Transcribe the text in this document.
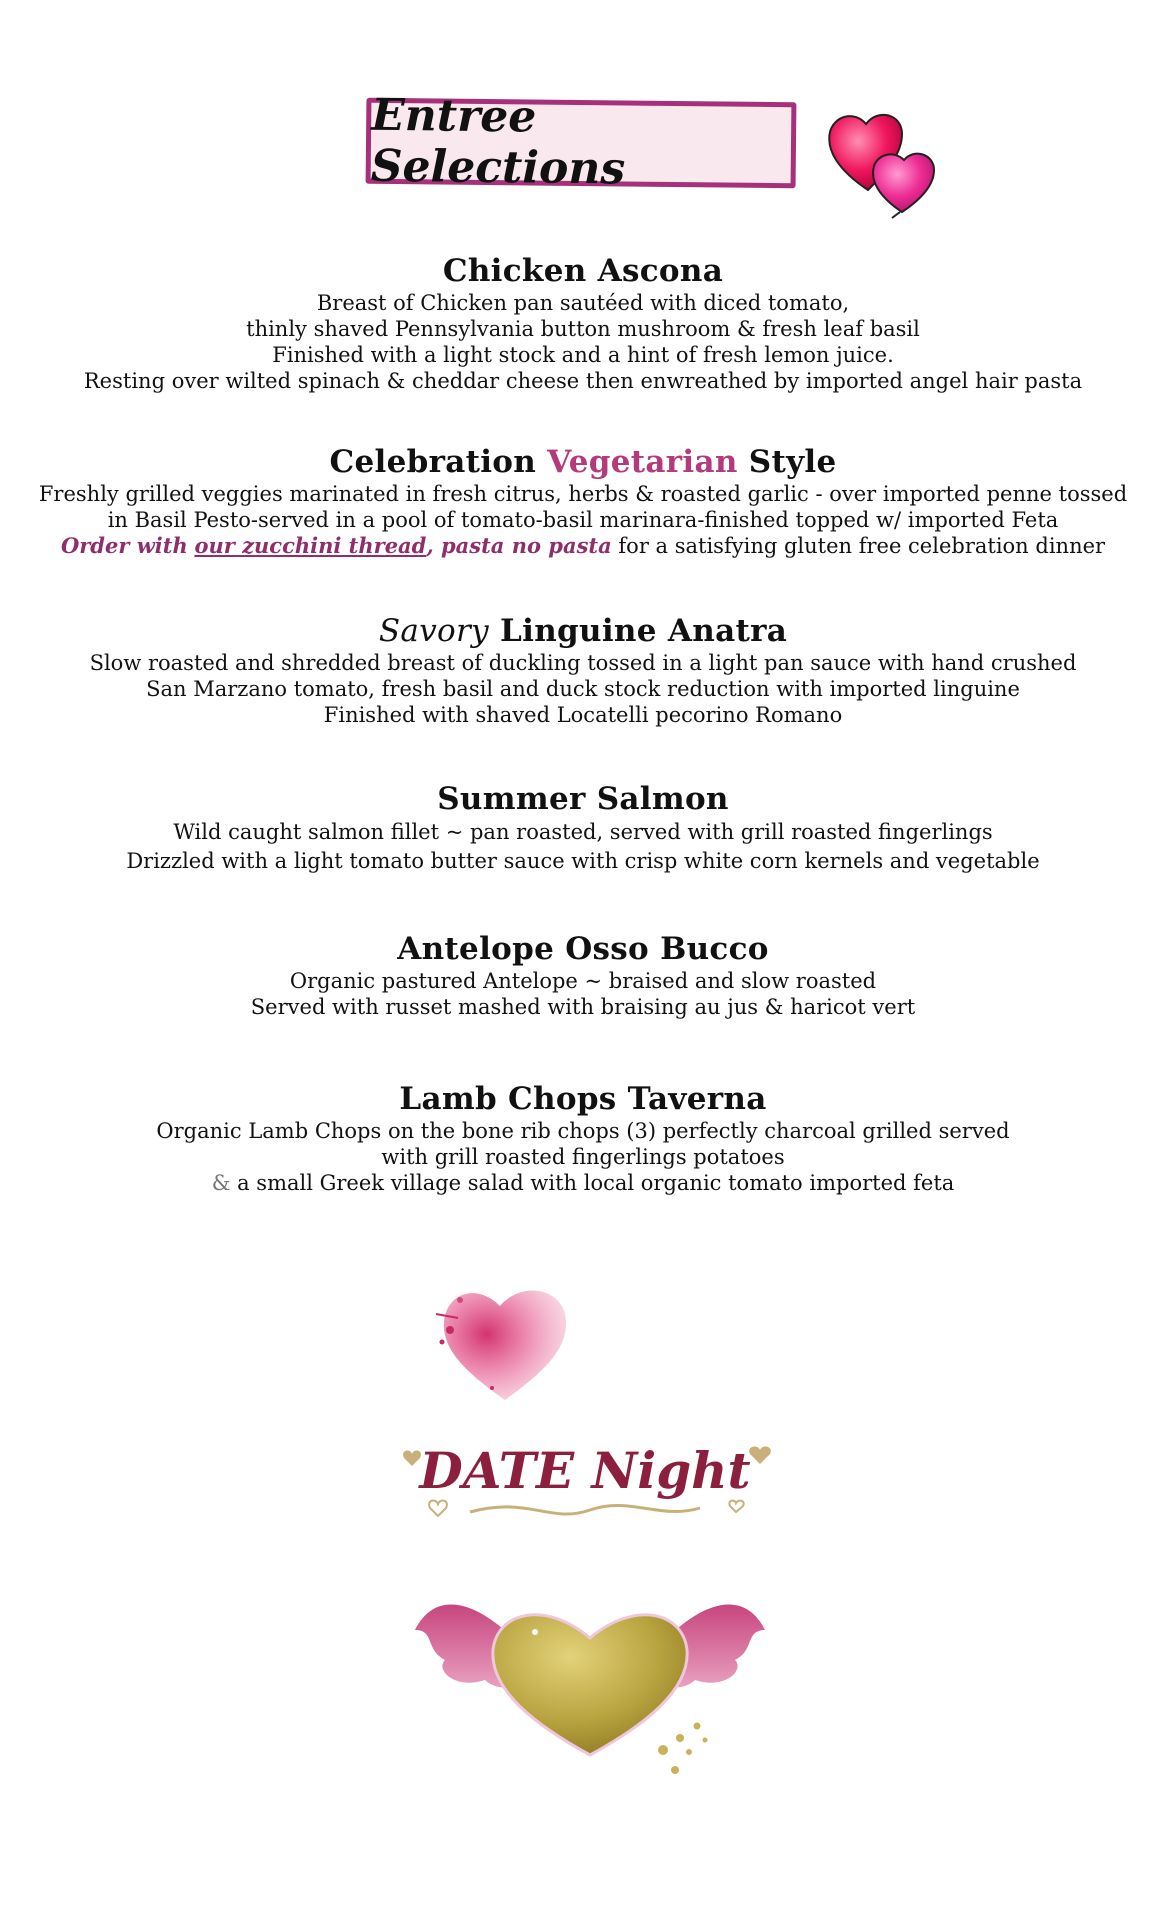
Entree Selections

Chicken Ascona

Breast of Chicken pan sautéed with diced tomato,

thinly shaved Pennsylvania button mushroom & fresh leaf basil

Finished with a light stock and a hint of fresh lemon juice.

Resting over wilted spinach & cheddar cheese then enwreathed by imported angel hair pasta

Celebration Vegetarian Style

Freshly grilled veggies marinated in fresh citrus, herbs & roasted garlic - over imported penne tossed

in Basil Pesto-served in a pool of tomato-basil marinara-finished topped w/ imported Feta

Order with our zucchini thread, pasta no pasta for a satisfying gluten free celebration dinner

Savory Linguine Anatra

Slow roasted and shredded breast of duckling tossed in a light pan sauce with hand crushed

San Marzano tomato, fresh basil and duck stock reduction with imported linguine

Finished with shaved Locatelli pecorino Romano

Summer Salmon

Wild caught salmon fillet ~ pan roasted, served with grill roasted fingerlings

Drizzled with a light tomato butter sauce with crisp white corn kernels and vegetable

Antelope Osso Bucco

Organic pastured Antelope ~ braised and slow roasted

Served with russet mashed with braising au jus & haricot vert

Lamb Chops Taverna

Organic Lamb Chops on the bone rib chops (3) perfectly charcoal grilled served

with grill roasted fingerlings potatoes

& a small Greek village salad with local organic tomato imported feta

DATE Night
